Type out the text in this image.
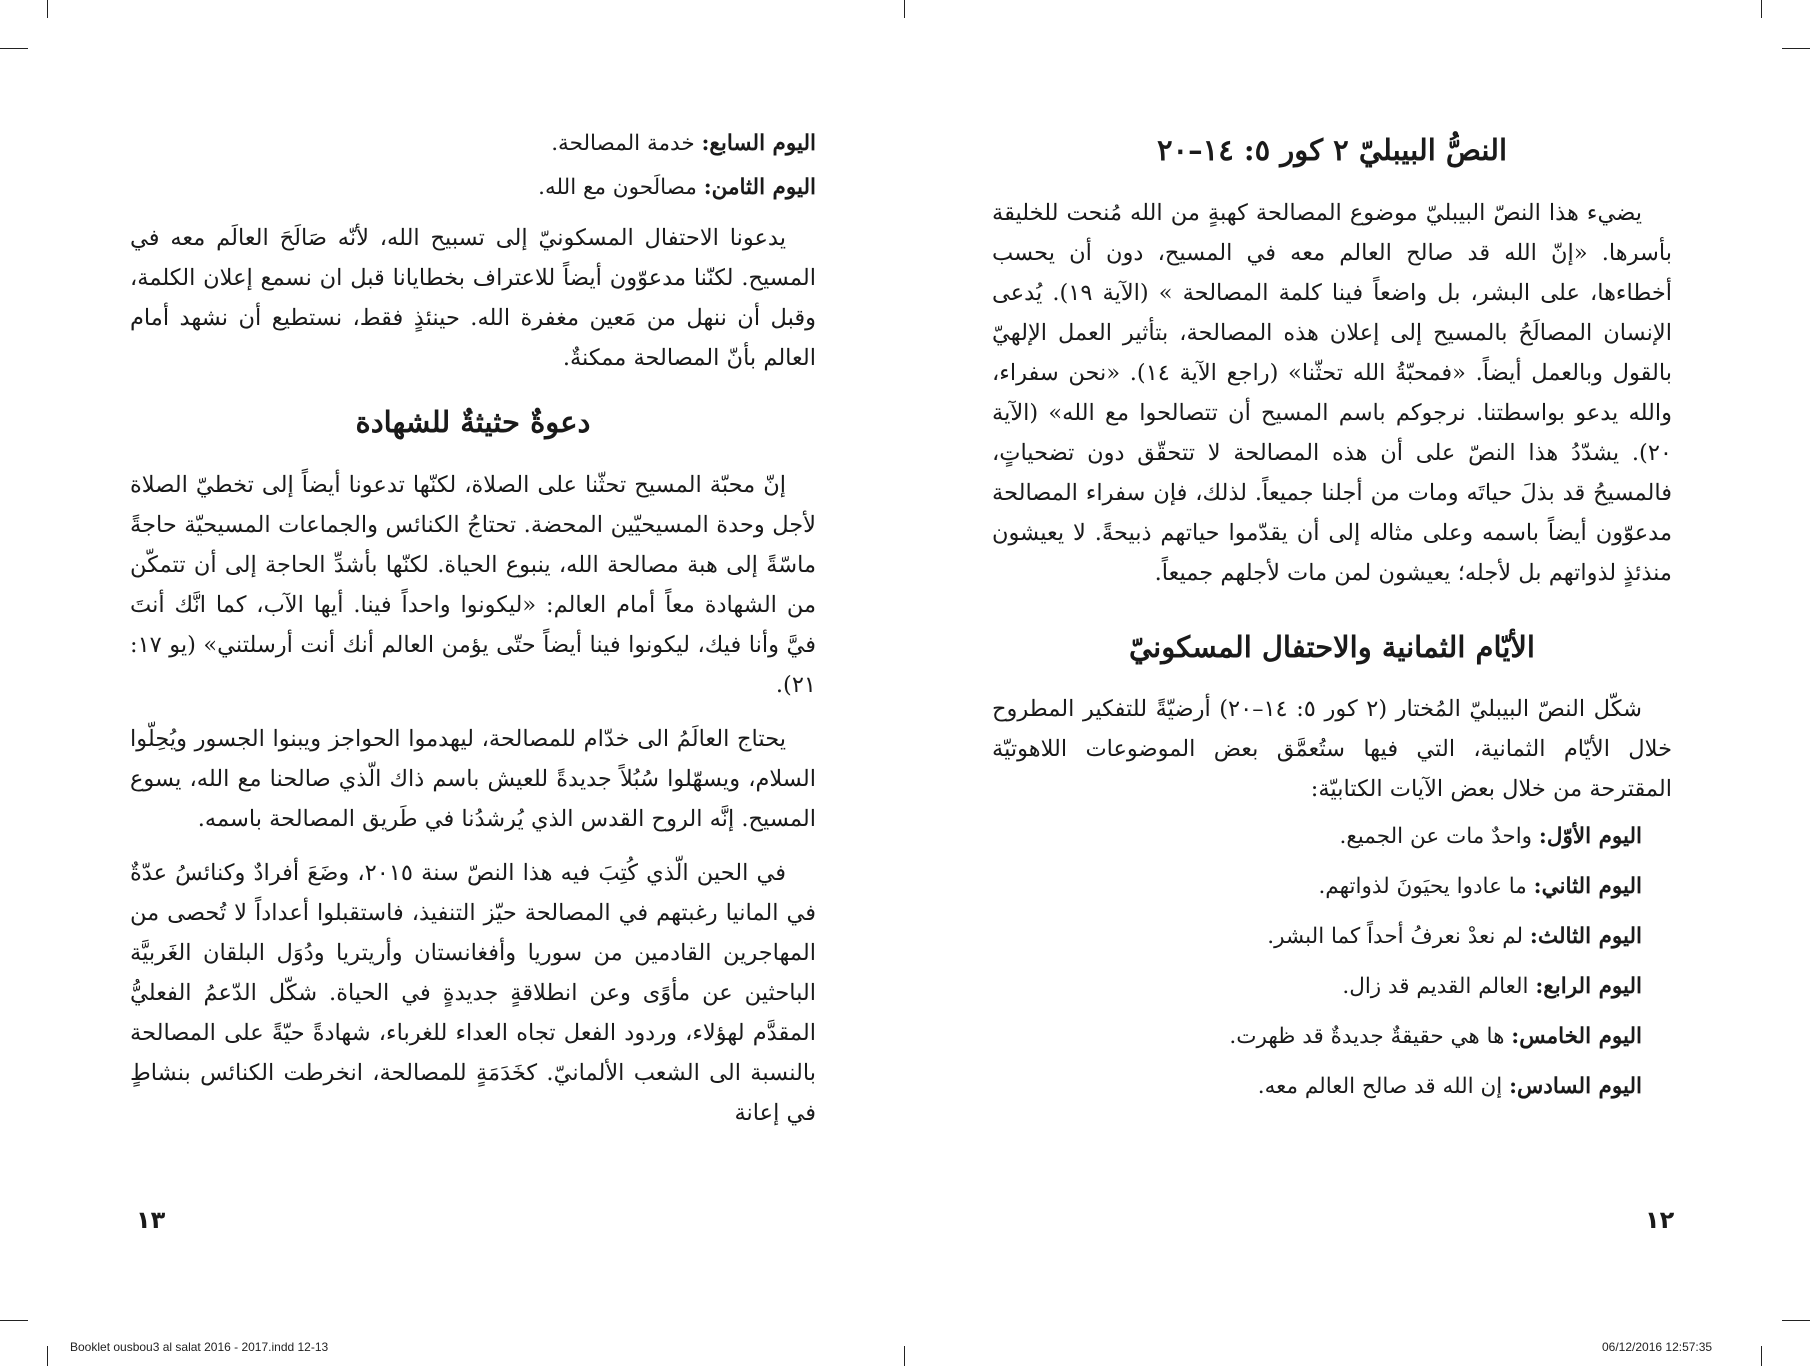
النصُّ البيبليّ ٢ كور ٥: ١٤–٢٠

يضيء هذا النصّ البيبليّ موضوع المصالحة كهبةٍ من الله مُنحت للخليقة بأسرها. «إنّ الله قد صالح العالم معه في المسيح، دون أن يحسب أخطاءها، على البشر، بل واضعاً فينا كلمة المصالحة » (الآية ١٩). يُدعى الإنسان المصالَحُ بالمسيح إلى إعلان هذه المصالحة، بتأثير العمل الإلهيّ بالقول وبالعمل أيضاً. «فمحبّةُ الله تحثّنا» (راجع الآية ١٤). «نحن سفراء، والله يدعو بواسطتنا. نرجوكم باسم المسيح أن تتصالحوا مع الله» (الآية ٢٠). يشدّدُ هذا النصّ على أن هذه المصالحة لا تتحقّق دون تضحياتٍ، فالمسيحُ قد بذلَ حياتَه ومات من أجلنا جميعاً. لذلك، فإن سفراء المصالحة مدعوّون أيضاً باسمه وعلى مثاله إلى أن يقدّموا حياتهم ذبيحةً. لا يعيشون منذئذٍ لذواتهم بل لأجله؛ يعيشون لمن مات لأجلهم جميعاً.

الأيّام الثمانية والاحتفال المسكونيّ

شكّل النصّ البيبليّ المُختار (٢ كور ٥: ١٤–٢٠) أرضيّةً للتفكير المطروح خلال الأيّام الثمانية، التي فيها ستُعمَّق بعض الموضوعات اللاهوتيّة المقترحة من خلال بعض الآيات الكتابيّة:

اليوم الأوّل: واحدٌ مات عن الجميع.
اليوم الثاني: ما عادوا يحيَونَ لذواتهم.
اليوم الثالث: لم نعدْ نعرفُ أحداً كما البشر.
اليوم الرابع: العالم القديم قد زال.
اليوم الخامس: ها هي حقيقةٌ جديدةٌ قد ظهرت.
اليوم السادس: إن الله قد صالح العالم معه.
١٢
اليوم السابع: خدمة المصالحة.
اليوم الثامن: مصالَحون مع الله.

يدعونا الاحتفال المسكونيّ إلى تسبيح الله، لأنّه صَالَحَ العالَم معه في المسيح. لكنّنا مدعوّون أيضاً للاعتراف بخطايانا قبل ان نسمع إعلان الكلمة، وقبل أن ننهل من مَعين مغفرة الله. حينئذٍ فقط، نستطيع أن نشهد أمام العالم بأنّ المصالحة ممكنةٌ.

دعوةٌ حثيثةٌ للشهادة

إنّ محبّة المسيح تحثّنا على الصلاة، لكنّها تدعونا أيضاً إلى تخطيّ الصلاة لأجل وحدة المسيحيّين المحضة. تحتاجُ الكنائس والجماعات المسيحيّة حاجةً ماسّةً إلى هبة مصالحة الله، ينبوع الحياة. لكنّها بأشدِّ الحاجة إلى أن تتمكّن من الشهادة معاً أمام العالم: «ليكونوا واحداً فينا. أيها الآب، كما انَّك أنتَ فيَّ وأنا فيك، ليكونوا فينا أيضاً حتّى يؤمن العالم أنك أنت أرسلتني» (يو ١٧: ٢١).

يحتاج العالَمُ الى خدّام للمصالحة، ليهدموا الحواجز ويبنوا الجسور ويُحِلّوا السلام، ويسهّلوا سُبُلاً جديدةً للعيش باسم ذاك الّذي صالحنا مع الله، يسوع المسيح. إنَّه الروح القدس الذي يُرشدُنا في طَريق المصالحة باسمه.

في الحين الّذي كُتِبَ فيه هذا النصّ سنة ٢٠١٥، وضَعَ أفرادٌ وكنائسُ عدّةٌ في المانيا رغبتهم في المصالحة حيّز التنفيذ، فاستقبلوا أعداداً لا تُحصى من المهاجرين القادمين من سوريا وأفغانستان وأريتريا ودُوَل البلقان الغَربيَّة الباحثين عن مأوًى وعن انطلاقةٍ جديدةٍ في الحياة. شكّل الدّعمُ الفعليُّ المقدَّم لهؤلاء، وردود الفعل تجاه العداء للغرباء، شهادةً حيّةً على المصالحة بالنسبة الى الشعب الألمانيّ. كخَدَمَةٍ للمصالحة، انخرطت الكنائس بنشاطٍ في إعانة

١٣
Booklet ousbou3 al salat 2016 - 2017.indd 12-13	06/12/2016 12:57:35
